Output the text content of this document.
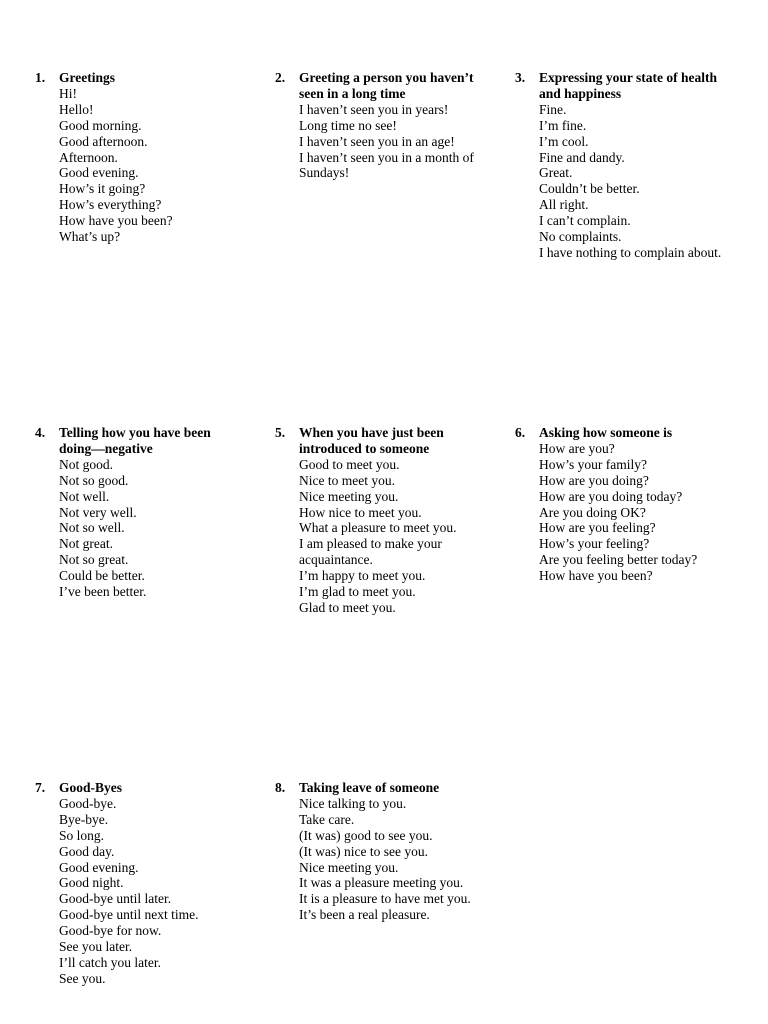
1. Greetings
Hi!
Hello!
Good morning.
Good afternoon.
Afternoon.
Good evening.
How’s it going?
How’s everything?
How have you been?
What’s up?
2. Greeting a person you haven’t seen in a long time
I haven’t seen you in years!
Long time no see!
I haven’t seen you in an age!
I haven’t seen you in a month of Sundays!
3. Expressing your state of health and happiness
Fine.
I’m fine.
I’m cool.
Fine and dandy.
Great.
Couldn’t be better.
All right.
I can’t complain.
No complaints.
I have nothing to complain about.
4. Telling how you have been doing—negative
Not good.
Not so good.
Not well.
Not very well.
Not so well.
Not great.
Not so great.
Could be better.
I’ve been better.
5. When you have just been introduced to someone
Good to meet you.
Nice to meet you.
Nice meeting you.
How nice to meet you.
What a pleasure to meet you.
I am pleased to make your acquaintance.
I’m happy to meet you.
I’m glad to meet you.
Glad to meet you.
6. Asking how someone is
How are you?
How’s your family?
How are you doing?
How are you doing today?
Are you doing OK?
How are you feeling?
How’s your feeling?
Are you feeling better today?
How have you been?
7. Good-Byes
Good-bye.
Bye-bye.
So long.
Good day.
Good evening.
Good night.
Good-bye until later.
Good-bye until next time.
Good-bye for now.
See you later.
I’ll catch you later.
See you.
8. Taking leave of someone
Nice talking to you.
Take care.
(It was) good to see you.
(It was) nice to see you.
Nice meeting you.
It was a pleasure meeting you.
It is a pleasure to have met you.
It’s been a real pleasure.
